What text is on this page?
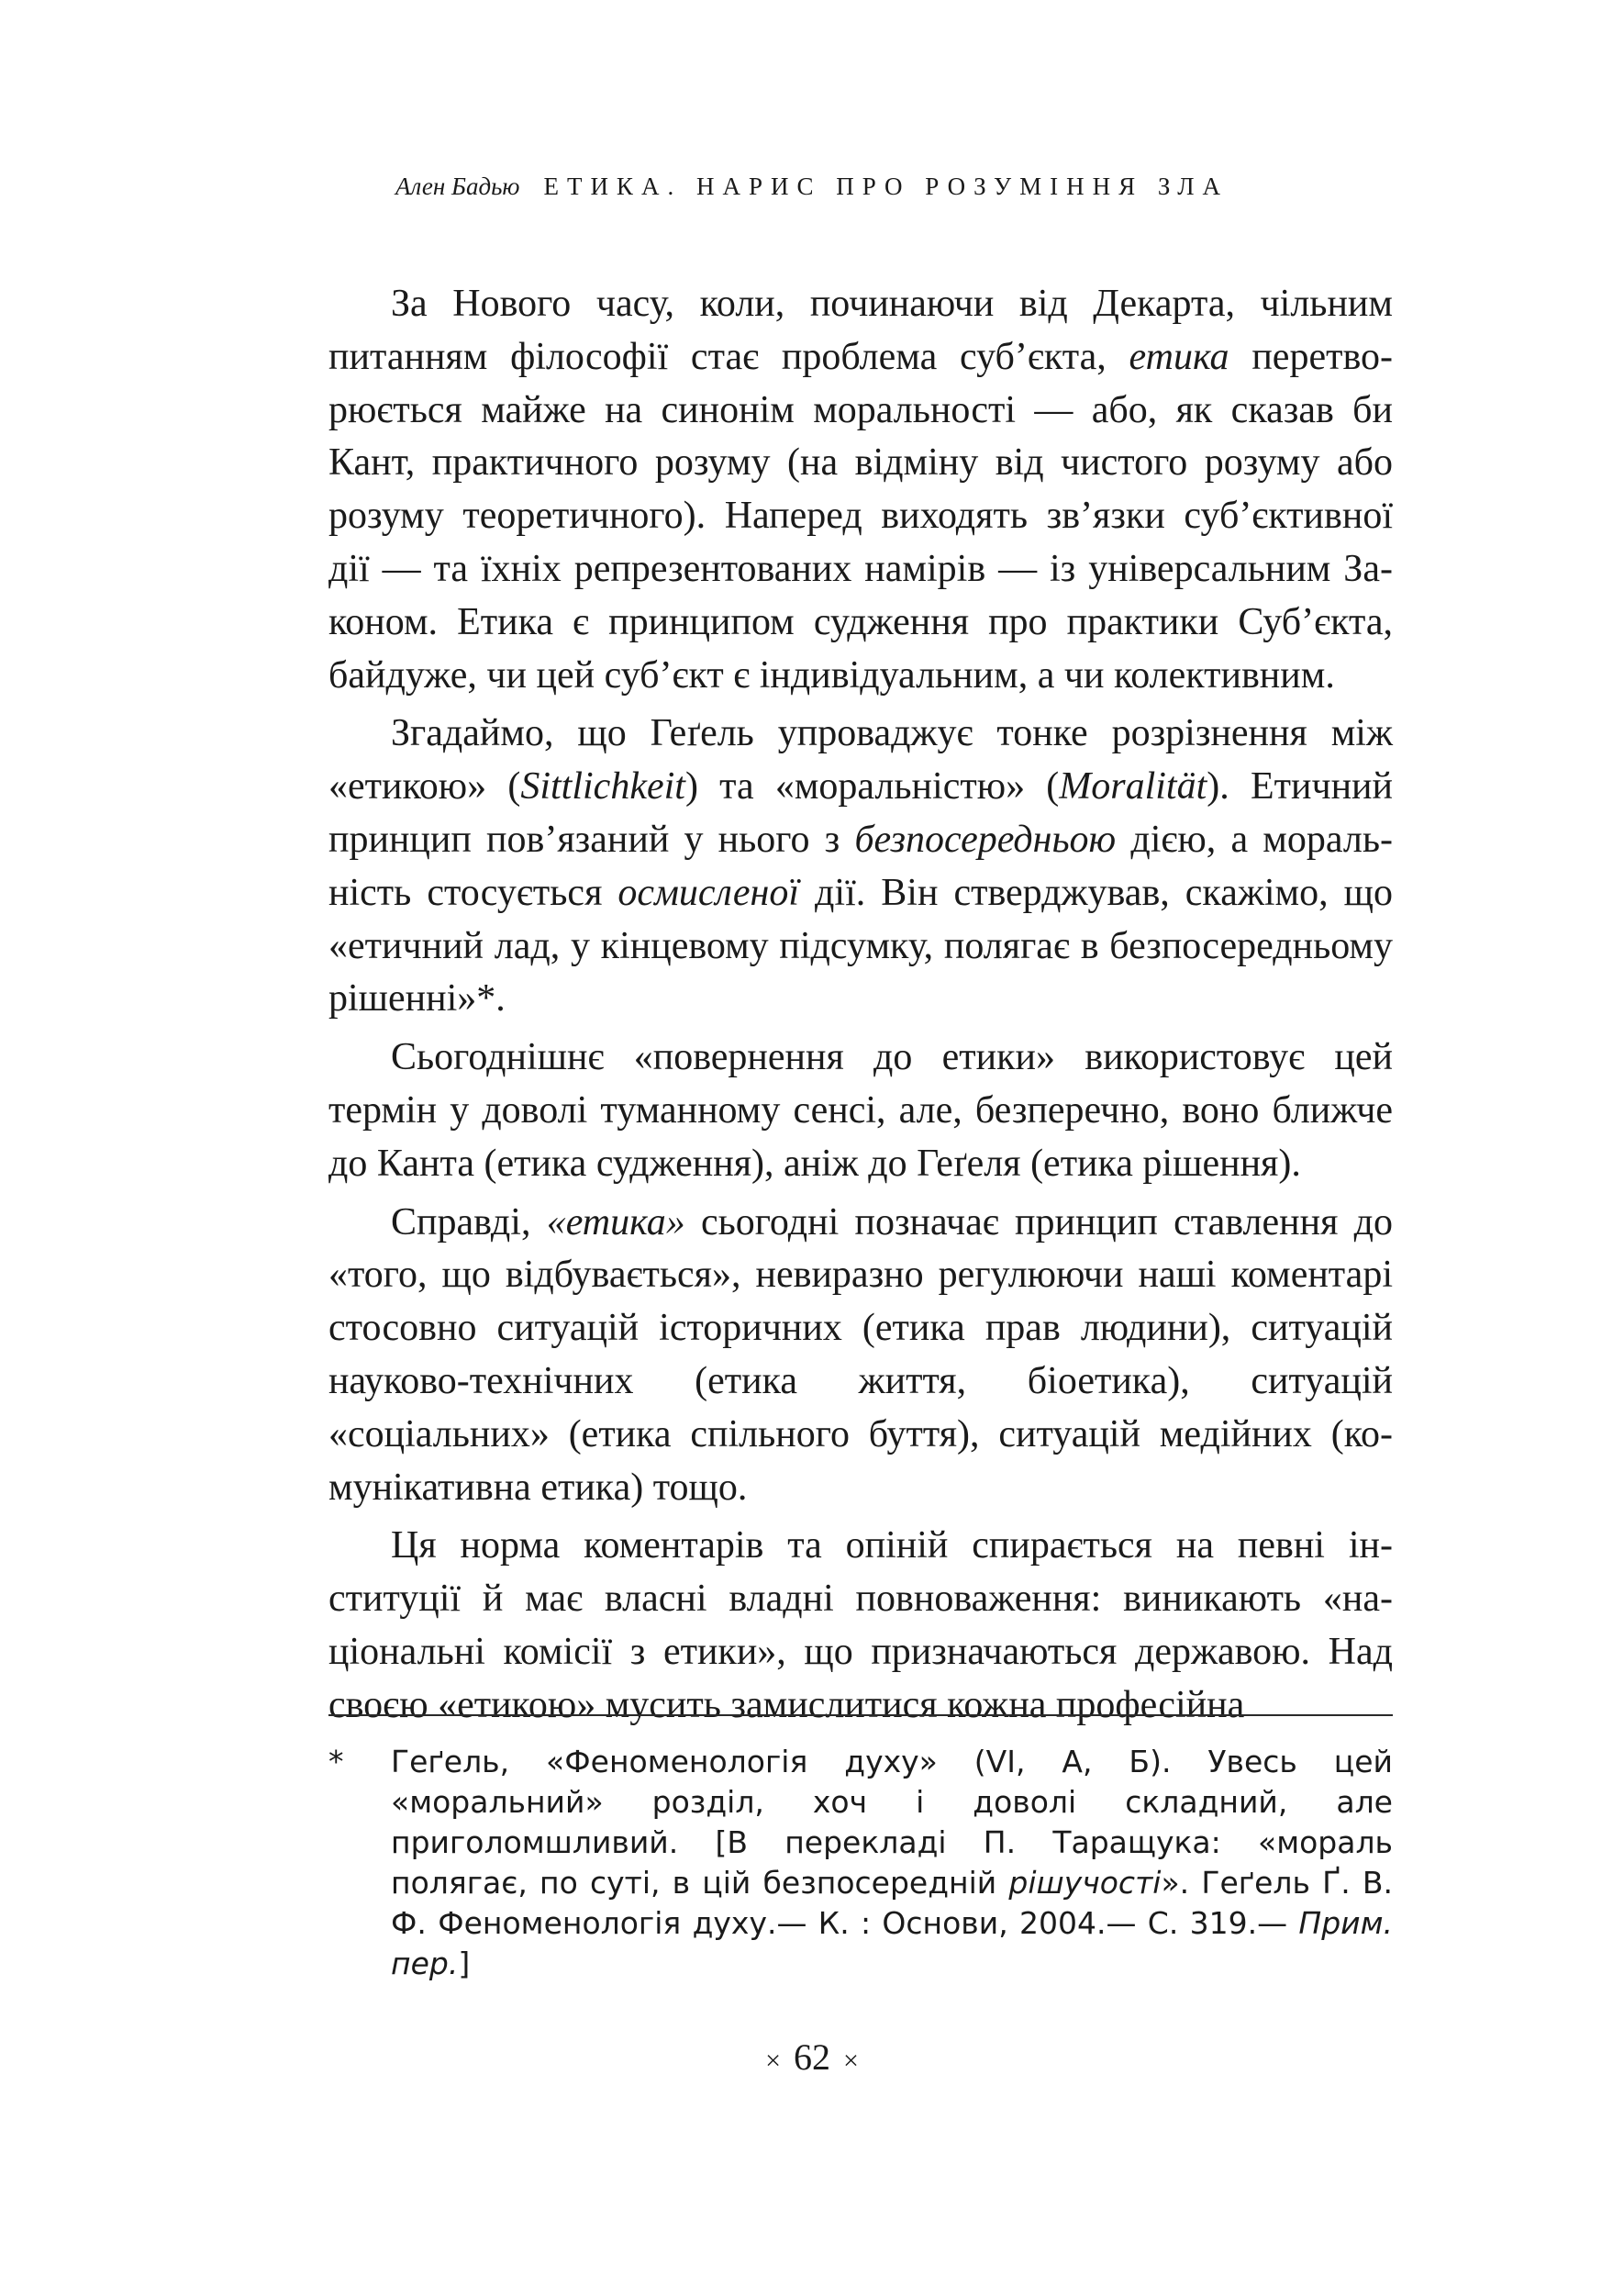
Ален Бадью ЕТИКА. НАРИС ПРО РОЗУМІННЯ ЗЛА

За Нового часу, коли, починаючи від Декарта, чільним питанням філософії стає проблема суб’єкта, етика перетворюється майже на синонім моральності — або, як сказав би Кант, практичного розуму (на відміну від чистого розуму або розуму теоретичного). Наперед виходять зв’язки суб’єктивної дії — та їхніх репрезентованих намірів — із універсальним Законом. Етика є принципом судження про практики Суб’єкта, байдуже, чи цей суб’єкт є індивідуальним, а чи колективним.

Згадаймо, що Геґель упроваджує тонке розрізнення між «етикою» (Sittlichkeit) та «моральністю» (Moralität). Етичний принцип пов’язаний у нього з безпосередньою дією, а моральність стосується осмисленої дії. Він стверджував, скажімо, що «етичний лад, у кінцевому підсумку, полягає в безпосередньому рішенні»*.

Сьогоднішнє «повернення до етики» використовує цей термін у доволі туманному сенсі, але, безперечно, воно ближче до Канта (етика судження), аніж до Геґеля (етика рішення).

Справді, «етика» сьогодні позначає принцип ставлення до «того, що відбувається», невиразно регулюючи наші коментарі стосовно ситуацій історичних (етика прав людини), ситуацій науково-технічних (етика життя, біоетика), ситуацій «соціальних» (етика спільного буття), ситуацій медійних (комунікативна етика) тощо.

Ця норма коментарів та опіній спирається на певні інституції й має власні владні повноваження: виникають «національні комісії з етики», що призначаються державою. Над своєю «етикою» мусить замислитися кожна професійна

* Геґель, «Феноменологія духу» (VI, А, Б). Увесь цей «моральний» розділ, хоч і доволі складний, але приголомшливий. [В перекладі П. Таращука: «мораль полягає, по суті, в цій безпосередній рішучості». Геґель Ґ. В. Ф. Феноменологія духу.— К. : Основи, 2004.— С. 319.— Прим. пер.]
× 62 ×
